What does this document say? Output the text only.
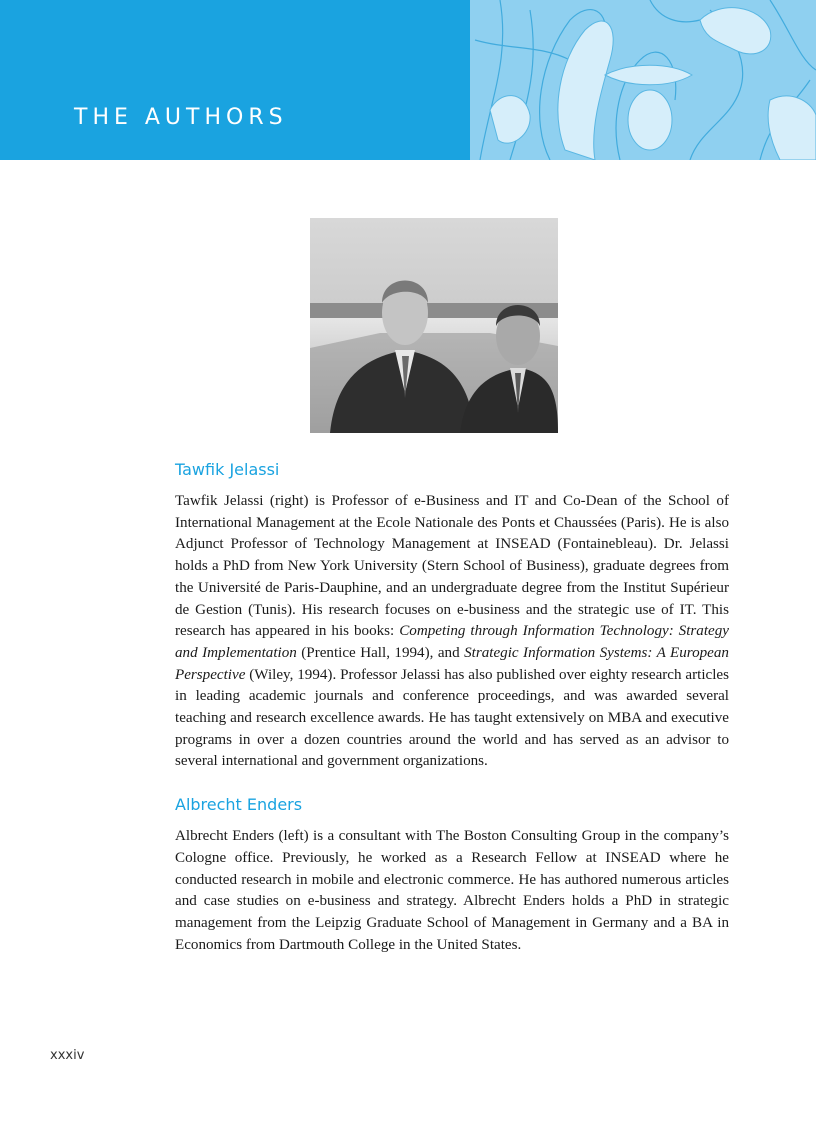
THE AUTHORS
Tawfik Jelassi

Tawfik Jelassi (right) is Professor of e-Business and IT and Co-Dean of the School of International Management at the Ecole Nationale des Ponts et Chaussées (Paris). He is also Adjunct Professor of Technology Management at INSEAD (Fontainebleau). Dr. Jelassi holds a PhD from New York University (Stern School of Business), graduate degrees from the Université de Paris-Dauphine, and an undergraduate degree from the Institut Supérieur de Gestion (Tunis). His research focuses on e-business and the strategic use of IT. This research has appeared in his books: Competing through Information Technology: Strategy and Implementation (Prentice Hall, 1994), and Strategic Information Systems: A European Perspective (Wiley, 1994). Professor Jelassi has also published over eighty research articles in leading academic journals and conference proceedings, and was awarded several teaching and research excellence awards. He has taught extensively on MBA and executive programs in over a dozen countries around the world and has served as an advisor to several international and government organizations.

Albrecht Enders

Albrecht Enders (left) is a consultant with The Boston Consulting Group in the company’s Cologne office. Previously, he worked as a Research Fellow at INSEAD where he conducted research in mobile and electronic commerce. He has authored numerous articles and case studies on e-business and strategy. Albrecht Enders holds a PhD in strategic management from the Leipzig Graduate School of Management in Germany and a BA in Economics from Dartmouth College in the United States.

xxxiv
